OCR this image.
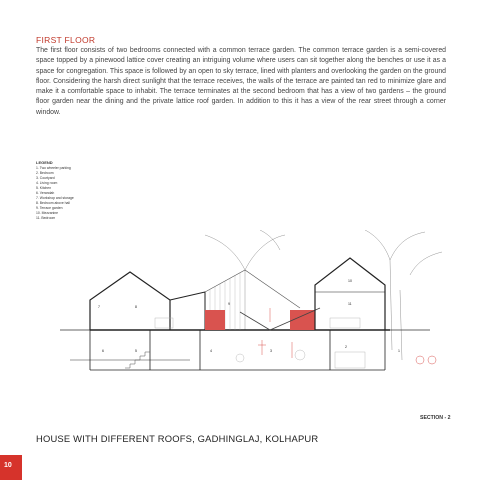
FIRST FLOOR
The first floor consists of two bedrooms connected with a common terrace garden. The common terrace garden is a semi-covered space topped by a pinewood lattice cover creating an intriguing volume where users can sit together along the benches or use it as a space for congregation. This space is followed by an open to sky terrace, lined with planters and overlooking the garden on the ground floor. Considering the harsh direct sunlight that the terrace receives, the walls of the terrace are painted tan red to minimize glare and make it a comfortable space to inhabit. The terrace terminates at the second bedroom that has a view of two gardens – the ground floor garden near the dining and the private lattice roof garden. In addition to this it has a view of the rear street through a corner window.
LEGEND
1. Two wheeler parking
2. Bedroom
3. Courtyard
4. Living room
5. Kitchen
6. Verandah
7. Workshop and storage
8. Bedroom above hall
9. Terrace garden
10. Mezzanine
11. Bedroom
7	8
9
10
11
6	5	4	3
2
1
SECTION - 2
HOUSE WITH DIFFERENT ROOFS, GADHINGLAJ, KOLHAPUR
10
